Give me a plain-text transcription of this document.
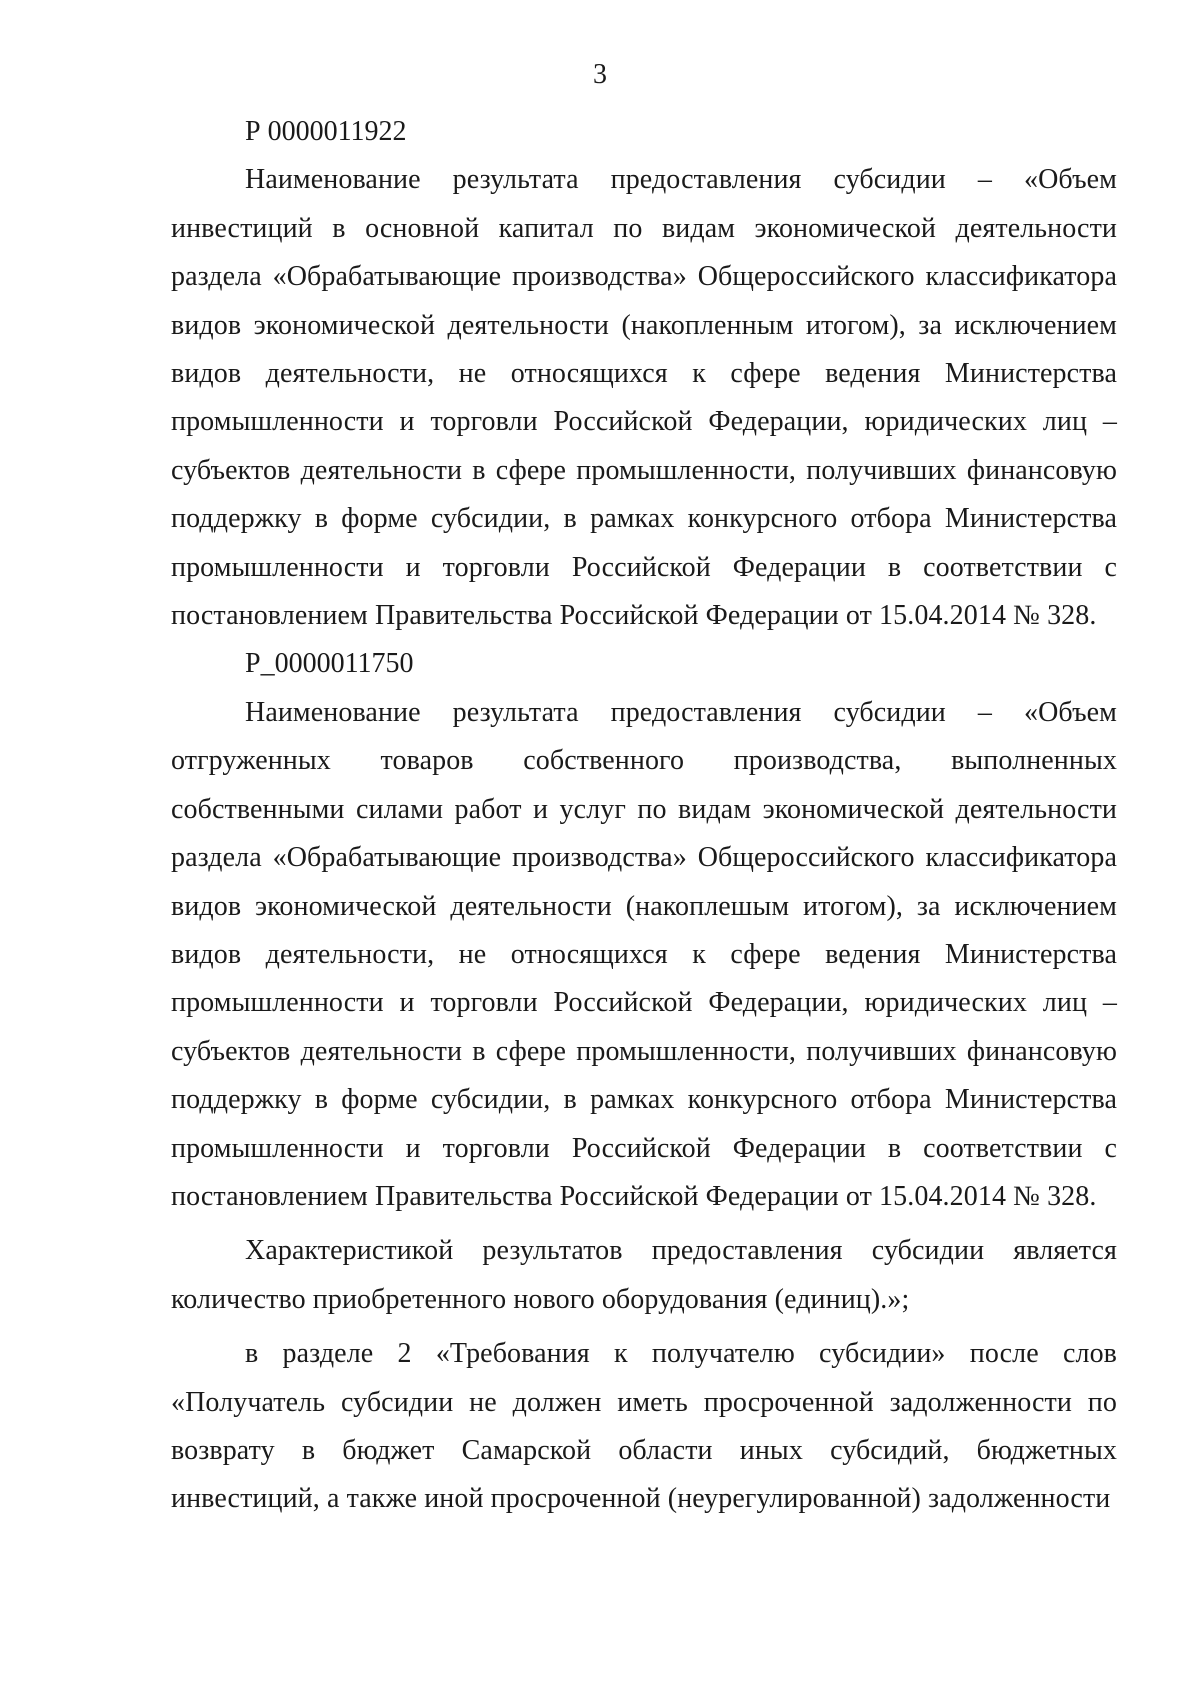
3

Р 0000011922

Наименование результата предоставления субсидии – «Объем инвестиций в основной капитал по видам экономической деятельности раздела «Обрабатывающие производства» Общероссийского классификатора видов экономической деятельности (накопленным итогом), за исключением видов деятельности, не относящихся к сфере ведения Министерства промышленности и торговли Российской Федерации, юридических лиц – субъектов деятельности в сфере промышленности, получивших финансовую поддержку в форме субсидии, в рамках конкурсного отбора Министерства промышленности и торговли Российской Федерации в соответствии с постановлением Правительства Российской Федерации от 15.04.2014 № 328.

Р_0000011750

Наименование результата предоставления субсидии – «Объем отгруженных товаров собственного производства, выполненных собственными силами работ и услуг по видам экономической деятельности раздела «Обрабатывающие производства» Общероссийского классификатора видов экономической деятельности (накоплешым итогом), за исключением видов деятельности, не относящихся к сфере ведения Министерства промышленности и торговли Российской Федерации, юридических лиц – субъектов деятельности в сфере промышленности, получивших финансовую поддержку в форме субсидии, в рамках конкурсного отбора Министерства промышленности и торговли Российской Федерации в соответствии с постановлением Правительства Российской Федерации от 15.04.2014 № 328.

Характеристикой результатов предоставления субсидии является количество приобретенного нового оборудования (единиц).»;

в разделе 2 «Требования к получателю субсидии» после слов «Получатель субсидии не должен иметь просроченной задолженности по возврату в бюджет Самарской области иных субсидий, бюджетных инвестиций, а также иной просроченной (неурегулированной) задолженности
